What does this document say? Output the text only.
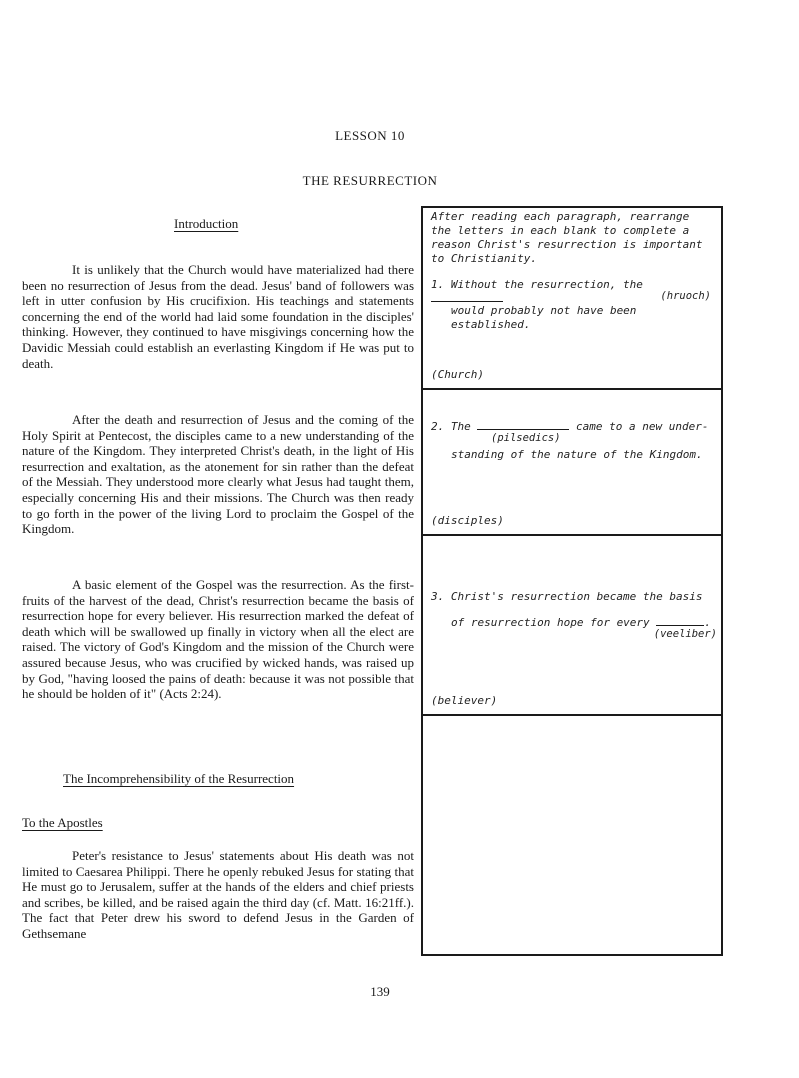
LESSON 10
THE RESURRECTION
Introduction

It is unlikely that the Church would have materialized had there been no resurrection of Jesus from the dead. Jesus' band of followers was left in utter confusion by His crucifixion. His teachings and statements concerning the end of the world had laid some foundation in the disciples' thinking. However, they continued to have misgivings concerning how the Davidic Messiah could establish an everlasting Kingdom if He was put to death.

After the death and resurrection of Jesus and the coming of the Holy Spirit at Pentecost, the disciples came to a new understanding of the nature of the Kingdom. They interpreted Christ's death, in the light of His resurrection and exaltation, as the atonement for sin rather than the defeat of the Messiah. They understood more clearly what Jesus had taught them, especially concerning His and their missions. The Church was then ready to go forth in the power of the living Lord to proclaim the Gospel of the Kingdom.

A basic element of the Gospel was the resurrection. As the first-fruits of the harvest of the dead, Christ's resurrection became the basis of resurrection hope for every believer. His resurrection marked the defeat of death which will be swallowed up finally in victory when all the elect are raised. The victory of God's Kingdom and the mission of the Church were assured because Jesus, who was crucified by wicked hands, was raised up by God, "having loosed the pains of death: because it was not possible that he should be holden of it" (Acts 2:24).

The Incomprehensibility of the Resurrection
To the Apostles

Peter's resistance to Jesus' statements about His death was not limited to Caesarea Philippi. There he openly rebuked Jesus for stating that He must go to Jerusalem, suffer at the hands of the elders and chief priests and scribes, be killed, and be raised again the third day (cf. Matt. 16:21ff.). The fact that Peter drew his sword to defend Jesus in the Garden of Gethsemane

After reading each paragraph, rearrange the letters in each blank to complete a reason Christ's resurrection is important to Christianity.
1. Without the resurrection, the
(hruoch)
would probably not have been established.
(Church)
2. The	came to a new under-
(pilsedics)
standing of the nature of the Kingdom.
(disciples)
3. Christ's resurrection became the basis
of resurrection hope for every	.
(veeliber)
(believer)
139
